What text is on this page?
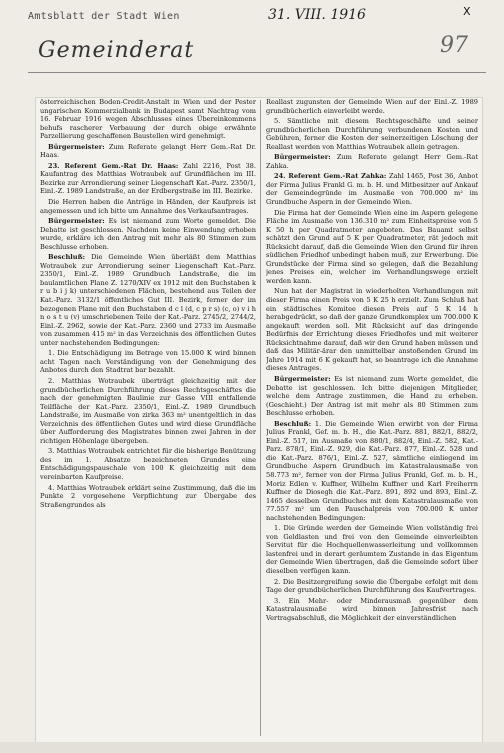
Amtsblatt der Stadt Wien	31. VIII. 1916	X
97
Gemeinderat

österreichischen Boden-Credit-Anstalt in Wien und der Pester ungarischen Kommerzialbank in Budapest samt Nachtrag vom 16. Februar 1916 wegen Abschlusses eines Übereinkommens behufs rascherer Verbauung der durch obige erwähnte Parzellierung geschaffenen Baustellen wird genehmigt.

Bürgermeister: Zum Referate gelangt Herr Gem.-Rat Dr. Haas.

23. Referent Gem.-Rat Dr. Haas: Zahl 2216, Post 38. Kaufantrag des Matthias Wotraubek auf Grundflächen im III. Bezirke zur Arrondierung seiner Liegenschaft Kat.-Parz. 2350/1, Einl.-Z. 1989 Landstraße, an der Erdbergstraße im III. Bezirke.

Die Herren haben die Anträge in Händen, der Kaufpreis ist angemessen und ich bitte um Annahme des Verkaufsantrages.

Bürgermeister: Es ist niemand zum Worte gemeldet. Die Debatte ist geschlossen. Nachdem keine Einwendung erhoben wurde, erkläre ich den Antrag mit mehr als 80 Stimmen zum Beschlusse erhoben.

Beschluß: Die Gemeinde Wien überläßt dem Matthias Wotraubek zur Arrondierung seiner Liegenschaft Kat.-Parz. 2350/1, Einl.-Z. 1989 Grundbuch Landstraße, die im baulamtlichen Plane Z. 1270/XIV ex 1912 mit den Buchstaben k r u b i j k) unterschiedenen Flächen, bestehend aus Teilen der Kat.-Parz. 3132/1 öffentliches Gut III. Bezirk, ferner der im bezogenen Plane mit den Buchstaben d c l (d, c p r s) (c, o) v i h n o s t u (v) umschriebenen Teile der Kat.-Parz. 2745/2, 2744/2, Einl.-Z. 2962, sowie der Kat.-Parz. 2360 und 2733 im Ausmaße von zusammen 415 m² in das Verzeichnis des öffentlichen Gutes unter nachstehenden Bedingungen:

1. Die Entschädigung im Betrage von 15.000 K wird binnen acht Tagen nach Verständigung von der Genehmigung des Anbotes durch den Stadtrat bar bezahlt.

2. Matthias Wotraubek überträgt gleichzeitig mit der grundbücherlichen Durchführung dieses Rechtsgeschäftes die nach der genehmigten Baulinie zur Gasse VIII entfallende Teilfläche der Kat.-Parz. 2350/1, Einl.-Z. 1989 Grundbuch Landstraße, im Ausmaße von zirka 363 m² unentgeltlich in das Verzeichnis des öffentlichen Gutes und wird diese Grundfläche über Aufforderung des Magistrates binnen zwei Jahren in der richtigen Höhenlage übergeben.

3. Matthias Wotraubek entrichtet für die bisherige Benützung des im 1. Absatze bezeichneten Grundes eine Entschädigungspauschale von 100 K gleichzeitig mit dem vereinbarten Kaufpreise.

4. Matthias Wotraubek erklärt seine Zustimmung, daß die im Punkte 2 vorgesehene Verpflichtung zur Übergabe des Straßengrundes als

Reallast zugunsten der Gemeinde Wien auf der Einl.-Z. 1989 grundbücherlich einverleibt werde.

5. Sämtliche mit diesem Rechtsgeschäfte und seiner grundbücherlichen Durchführung verbundenen Kosten und Gebühren, ferner die Kosten der seinerzeitigen Löschung der Reallast werden von Matthias Wotraubek allein getragen.

Bürgermeister: Zum Referate gelangt Herr Gem.-Rat Zahka.

24. Referent Gem.-Rat Zahka: Zahl 1465, Post 36, Anbot der Firma Julius Frankl G. m. b. H. und Mitbesitzer auf Ankauf der Gemeindegründe im Ausmaße von 700.000 m² im Grundbuche Aspern in der Gemeinde Wien.

Die Firma hat der Gemeinde Wien eine im Aspern gelegene Fläche im Ausmaße von 136.310 m² zum Einheitspreise von 5 K 50 h per Quadratmeter angeboten. Das Bauamt selbst schätzt den Grund auf 5 K per Quadratmeter, rät jedoch mit Rücksicht darauf, daß die Gemeinde Wien den Grund für ihren südlichen Friedhof unbedingt haben muß, zur Erwerbung. Die Grundstücke der Firma sind so gelegen, daß die Bezahlung jenes Preises ein, welcher im Verhandlungswege erzielt werden kann.

Nun hat der Magistrat in wiederholten Verhandlungen mit dieser Firma einen Preis von 5 K 25 h erzielt. Zum Schluß hat ein städtisches Komitee diesen Preis auf 5 K 14 h herabgedrückt, so daß der ganze Grundkomplex um 700.000 K angekauft werden soll. Mit Rücksicht auf das dringende Bedürfnis der Errichtung dieses Friedhofes und mit weiterer Rücksichtnahme darauf, daß wir den Grund haben müssen und daß das Militär-ärar den unmittelbar anstoßenden Grund im Jahre 1914 mit 6 K gekauft hat, so beantrage ich die Annahme dieses Antrages.

Bürgermeister: Es ist niemand zum Worte gemeldet, die Debatte ist geschlossen. Ich bitte diejenigen Mitglieder, welche dem Antrage zustimmen, die Hand zu erheben. (Geschieht.) Der Antrag ist mit mehr als 80 Stimmen zum Beschlusse erhoben.

Beschluß: 1. Die Gemeinde Wien erwirbt von der Firma Julius Frankl, Gef. m. b. H., die Kat.-Parz. 881, 882/1, 882/2, Einl.-Z. 517, im Ausmaße von 880/1, 882/4, Einl.-Z. 582, Kat.-Parz. 878/1, Einl.-Z. 929, die Kat.-Parz. 877, Einl.-Z. 528 und die Kat.-Parz. 876/1, Einl.-Z. 527, sämtliche einliegend im Grundbuche Aspern Grundbuch im Katastralausmaße von 58.773 m², ferner von der Firma Julius Frankl, Gef. m. b. H., Moriz Edlen v. Kuffner, Wilhelm Kuffner und Karl Freiherrn Kuffner de Diosegh die Kat.-Parz. 891, 892 und 893, Einl.-Z. 1465 desselben Grundbuches mit dem Katastralausmaße von 77.557 m² um den Pauschalpreis von 700.000 K unter nachstehenden Bedingungen:

1. Die Gründe werden der Gemeinde Wien vollständig frei von Geldlasten und frei von den Gemeinde einverleibten Servitut für die Hochquellenwasserleitung und vollkommen lastenfrei und in derart geräumtem Zustande in das Eigentum der Gemeinde Wien übertragen, daß die Gemeinde sofort über dieselben verfügen kann.

2. Die Besitzergreifung sowie die Übergabe erfolgt mit dem Tage der grundbücherlichen Durchführung des Kaufvertrages.

3. Ein Mehr- oder Minderausmaß gegenüber dem Katastralausmaße wird binnen Jahresfrist nach Vertragsabschluß, die Möglichkeit der einverständlichen
